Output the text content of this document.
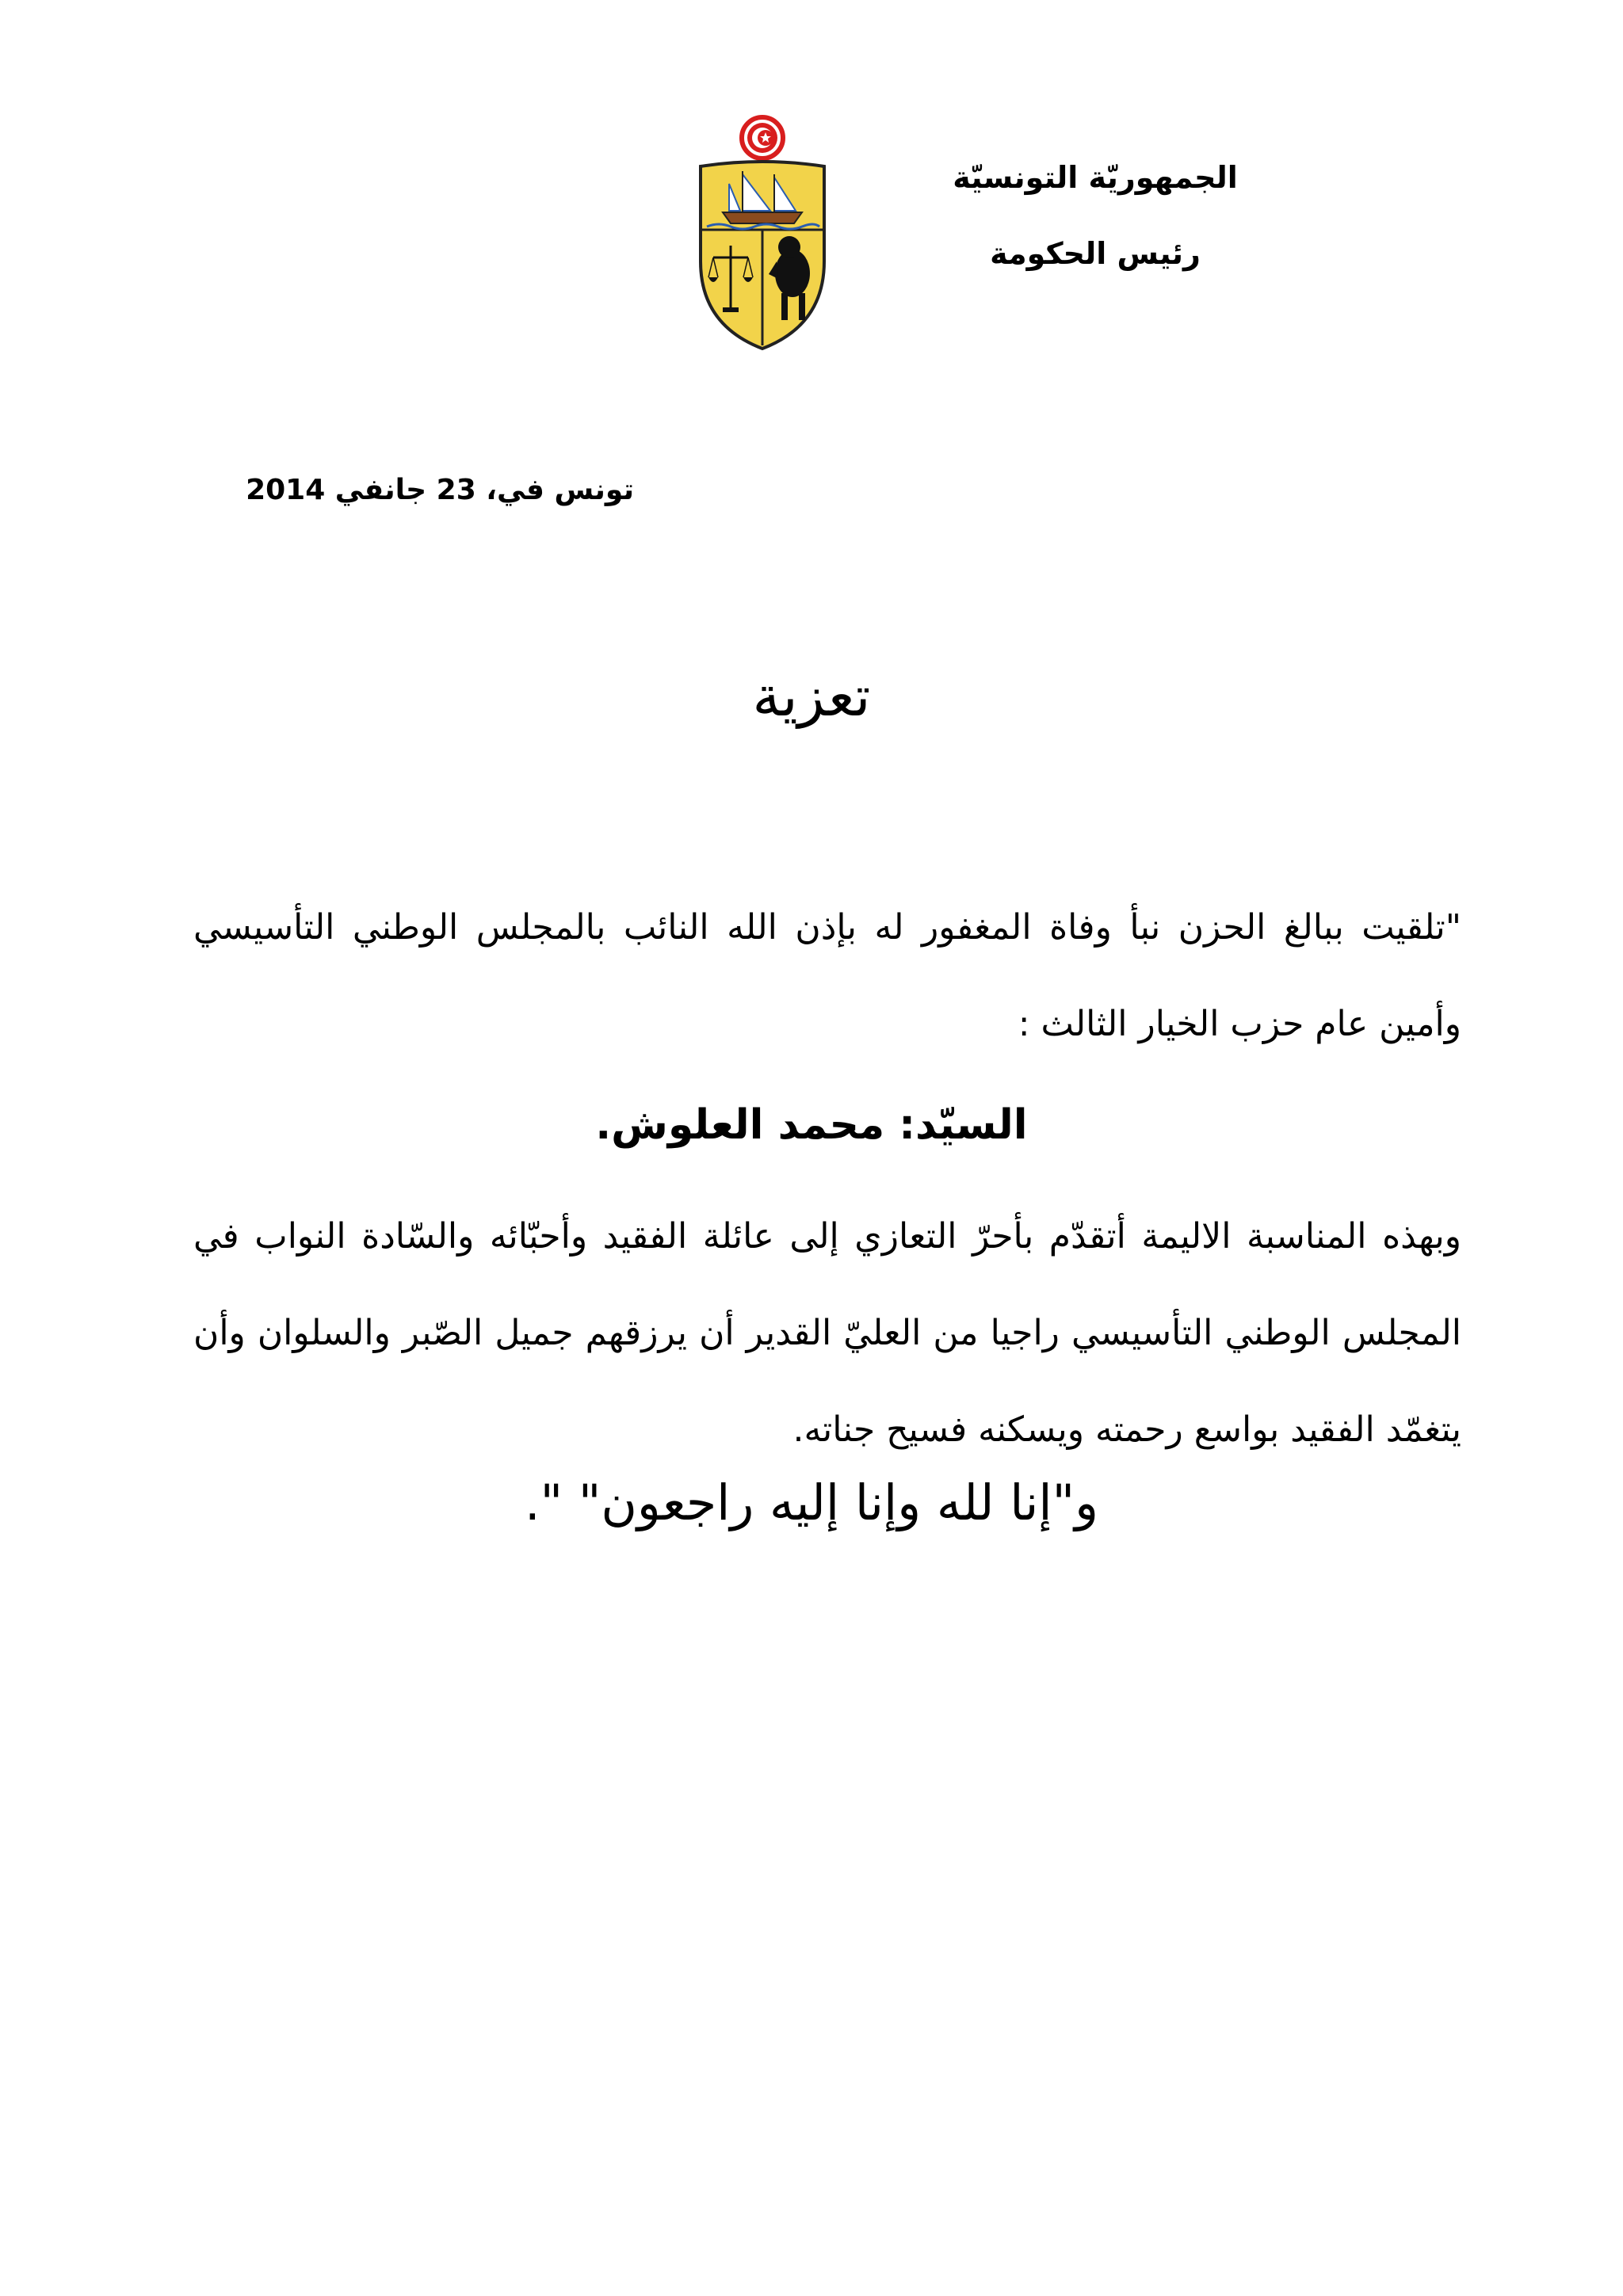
الجمهوريّة التونسيّة
رئيس الحكومة
تونس في، 23 جانفي 2014
تعزية
"تلقيت ببالغ الحزن نبأ وفاة المغفور له بإذن الله النائب بالمجلس الوطني التأسيسي وأمين عام حزب الخيار الثالث :
السيّد: محمد العلوش.
وبهذه المناسبة الاليمة أتقدّم بأحرّ التعازي إلى عائلة الفقيد وأحبّائه والسّادة النواب في المجلس الوطني التأسيسي راجيا من العليّ القدير أن يرزقهم جميل الصّبر والسلوان وأن يتغمّد الفقيد بواسع رحمته ويسكنه فسيح جناته.
و"إنا لله وإنا إليه راجعون" ".
